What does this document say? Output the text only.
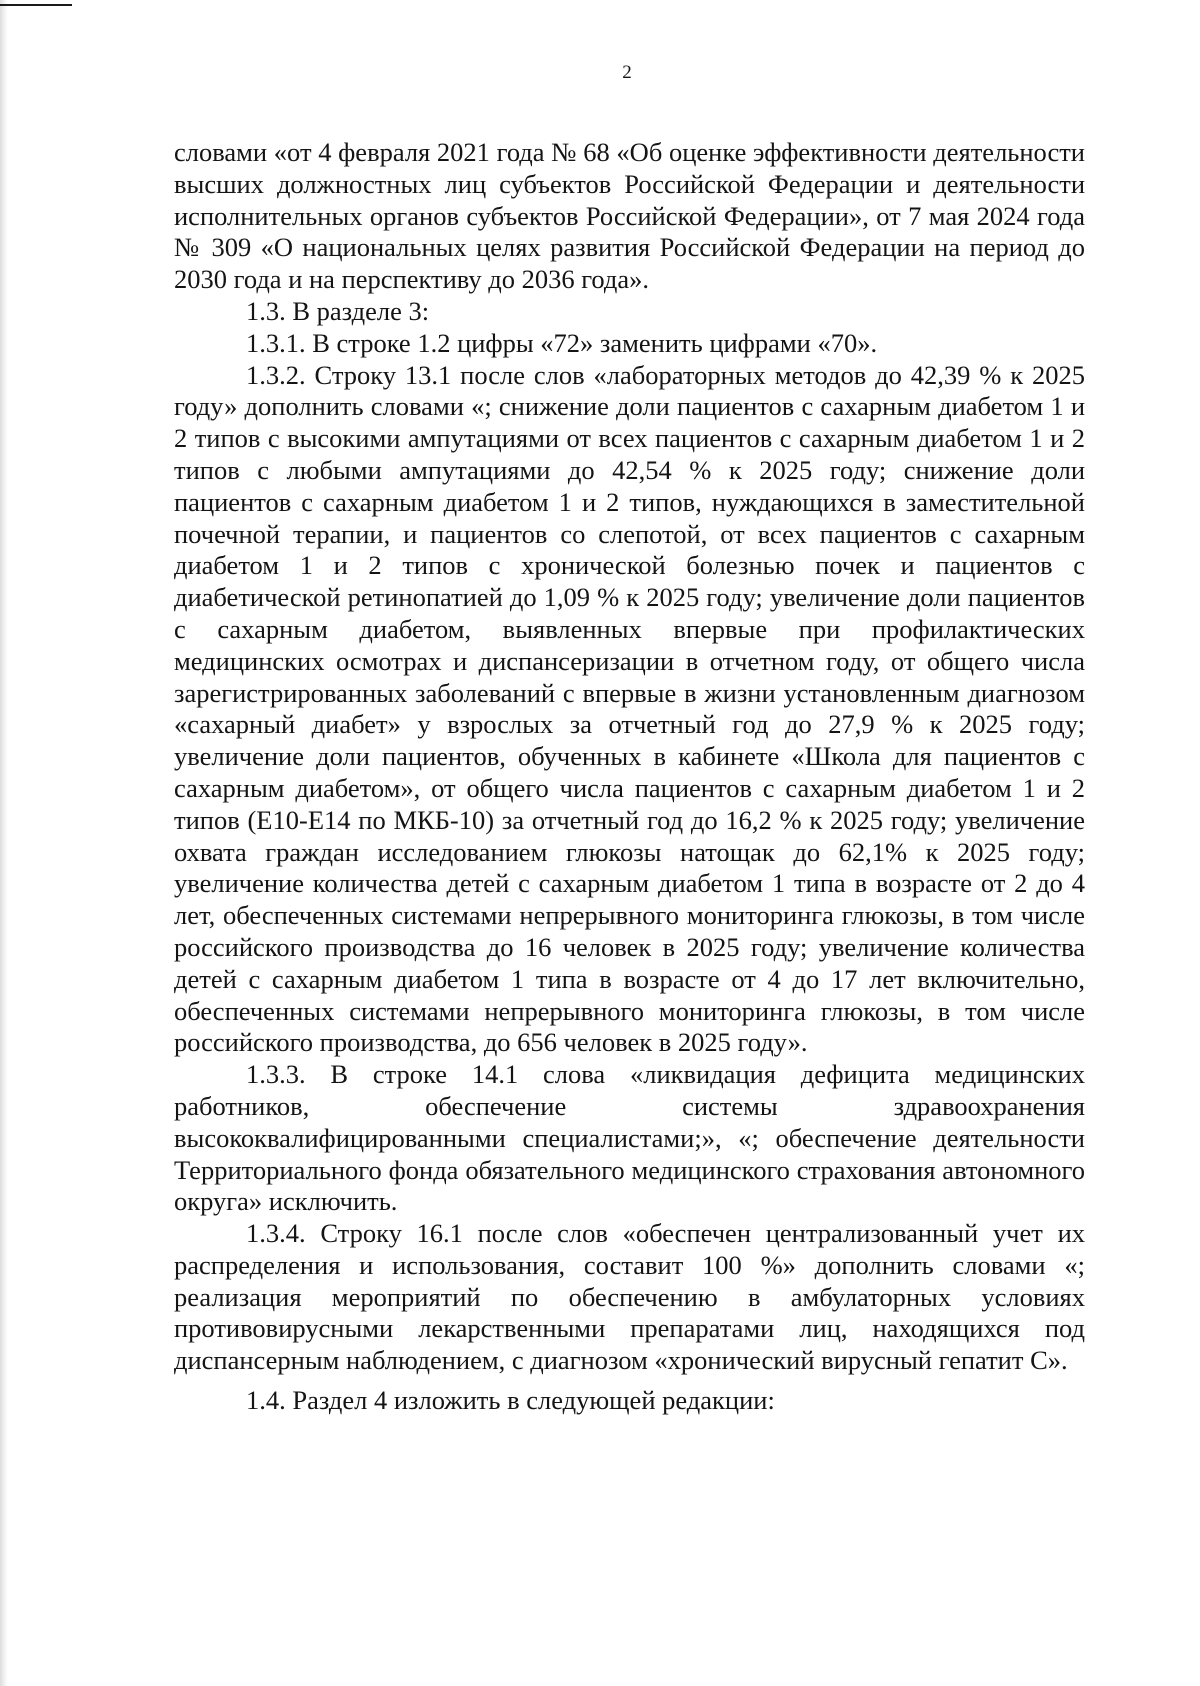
2

словами «от 4 февраля 2021 года № 68 «Об оценке эффективности деятельности высших должностных лиц субъектов Российской Федерации и деятельности исполнительных органов субъектов Российской Федерации», от 7 мая 2024 года № 309 «О национальных целях развития Российской Федерации на период до 2030 года и на перспективу до 2036 года».

1.3. В разделе 3:

1.3.1. В строке 1.2 цифры «72» заменить цифрами «70».

1.3.2. Строку 13.1 после слов «лабораторных методов до 42,39 % к 2025 году» дополнить словами «; снижение доли пациентов с сахарным диабетом 1 и 2 типов с высокими ампутациями от всех пациентов с сахарным диабетом 1 и 2 типов с любыми ампутациями до 42,54 % к 2025 году; снижение доли пациентов с сахарным диабетом 1 и 2 типов, нуждающихся в заместительной почечной терапии, и пациентов со слепотой, от всех пациентов с сахарным диабетом 1 и 2 типов с хронической болезнью почек и пациентов с диабетической ретинопатией до 1,09 % к 2025 году; увеличение доли пациентов с сахарным диабетом, выявленных впервые при профилактических медицинских осмотрах и диспансеризации в отчетном году, от общего числа зарегистрированных заболеваний с впервые в жизни установленным диагнозом «сахарный диабет» у взрослых за отчетный год до 27,9 % к 2025 году; увеличение доли пациентов, обученных в кабинете «Школа для пациентов с сахарным диабетом», от общего числа пациентов с сахарным диабетом 1 и 2 типов (Е10-Е14 по МКБ-10) за отчетный год до 16,2 % к 2025 году; увеличение охвата граждан исследованием глюкозы натощак до 62,1% к 2025 году; увеличение количества детей с сахарным диабетом 1 типа в возрасте от 2 до 4 лет, обеспеченных системами непрерывного мониторинга глюкозы, в том числе российского производства до 16 человек в 2025 году; увеличение количества детей с сахарным диабетом 1 типа в возрасте от 4 до 17 лет включительно, обеспеченных системами непрерывного мониторинга глюкозы, в том числе российского производства, до 656 человек в 2025 году».

1.3.3. В строке 14.1 слова «ликвидация дефицита медицинских работников, обеспечение системы здравоохранения высококвалифицированными специалистами;», «; обеспечение деятельности Территориального фонда обязательного медицинского страхования автономного округа» исключить.

1.3.4. Строку 16.1 после слов «обеспечен централизованный учет их распределения и использования, составит 100 %» дополнить словами «; реализация мероприятий по обеспечению в амбулаторных условиях противовирусными лекарственными препаратами лиц, находящихся под диспансерным наблюдением, с диагнозом «хронический вирусный гепатит С».

1.4. Раздел 4 изложить в следующей редакции:
